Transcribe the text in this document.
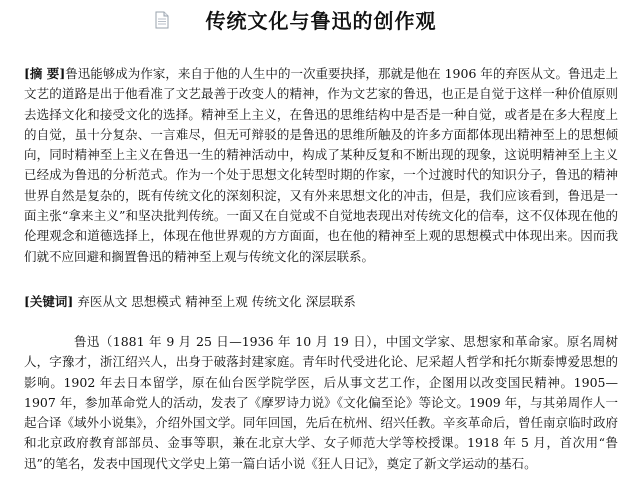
传统文化与鲁迅的创作观
[摘 要]鲁迅能够成为作家，来自于他的人生中的一次重要抉择，那就是他在 1906 年的弃医从文。鲁迅走上文艺的道路是出于他看准了文艺最善于改变人的精神，作为文艺家的鲁迅，也正是自觉于这样一种价值原则去选择文化和接受文化的选择。精神至上主义，在鲁迅的思维结构中是否是一种自觉，或者是在多大程度上的自觉，虽十分复杂、一言难尽，但无可辩驳的是鲁迅的思维所触及的许多方面都体现出精神至上的思想倾向，同时精神至上主义在鲁迅一生的精神活动中，构成了某种反复和不断出现的现象，这说明精神至上主义已经成为鲁迅的分析范式。作为一个处于思想文化转型时期的作家，一个过渡时代的知识分子，鲁迅的精神世界自然是复杂的，既有传统文化的深刻积淀，又有外来思想文化的冲击，但是，我们应该看到，鲁迅是一面主张“拿来主义”和坚决批判传统。一面又在自觉或不自觉地表现出对传统文化的信奉，这不仅体现在他的伦理观念和道德选择上，体现在他世界观的方方面面，也在他的精神至上观的思想模式中体现出来。因而我们就不应回避和搁置鲁迅的精神至上观与传统文化的深层联系。
[关键词] 弃医从文 思想模式 精神至上观 传统文化 深层联系
鲁迅（1881 年 9 月 25 日—1936 年 10 月 19 日），中国文学家、思想家和革命家。原名周树人，字豫才，浙江绍兴人，出身于破落封建家庭。青年时代受进化论、尼采超人哲学和托尔斯泰博爱思想的影响。1902 年去日本留学，原在仙台医学院学医，后从事文艺工作，企图用以改变国民精神。1905—1907 年，参加革命党人的活动，发表了《摩罗诗力说》《文化偏至论》等论文。1909 年，与其弟周作人一起合译《域外小说集》，介绍外国文学。同年回国，先后在杭州、绍兴任教。辛亥革命后，曾任南京临时政府和北京政府教育部部员、金事等职，兼在北京大学、女子师范大学等校授课。1918 年 5 月，首次用“鲁迅”的笔名，发表中国现代文学史上第一篇白话小说《狂人日记》，奠定了新文学运动的基石。
